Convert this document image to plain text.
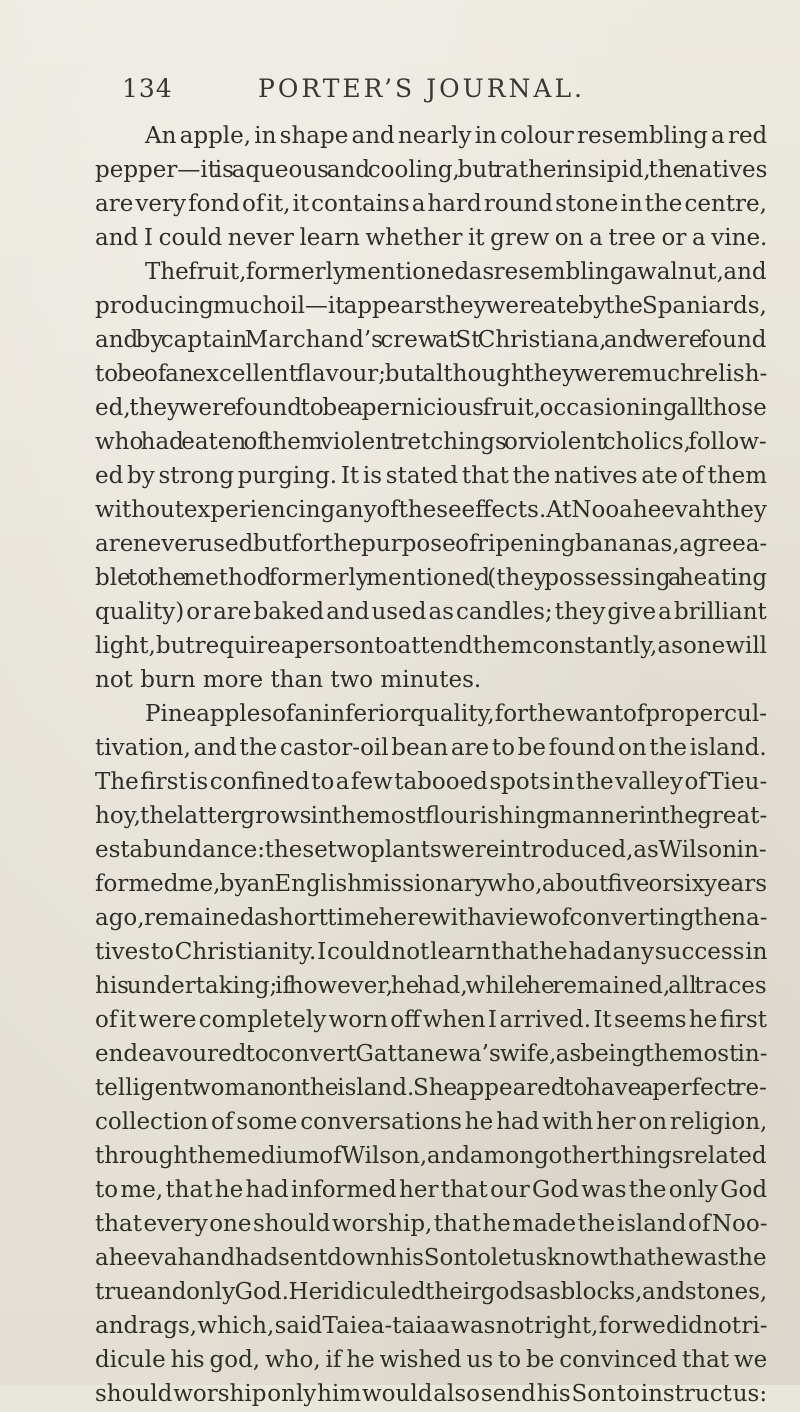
134	PORTER’S JOURNAL.
An apple, in shape and nearly in colour resembling a red
pepper—it is aqueous and cooling, but rather insipid, the natives
are very fond of it, it contains a hard round stone in the centre,
and I could never learn whether it grew on a tree or a vine.
The fruit, formerly mentioned as resembling a walnut, and
producing much oil—it appears they were ate by the Spaniards,
and by captain Marchand’s crew at St Christiana, and were found
to be of an excellent flavour; but although they were much relish-
ed, they were found to be a pernicious fruit, occasioning all those
who had eaten of them violent retchings or violent cholics, follow-
ed by strong purging. It is stated that the natives ate of them
without experiencing any of these effects. At Nooaheevah they
are never used but for the purpose of ripening bananas, agreea-
ble to the method formerly mentioned (they possessing a heating
quality) or are baked and used as candles; they give a brilliant
light, but require a person to attend them constantly, as one will
not burn more than two minutes.
Pine apples of an inferior quality, for the want of proper cul-
tivation, and the castor-oil bean are to be found on the island.
The first is confined to a few tabooed spots in the valley of Tieu-
hoy, the latter grows in the most flourishing manner in the great-
est abundance: these two plants were introduced, as Wilson in-
formed me, by an English missionary who, about five or six years
ago, remained a short time here with a view of converting the na-
tives to Christianity. I could not learn that he had any success in
his undertaking; if however, he had, while he remained, all traces
of it were completely worn off when I arrived. It seems he first
endeavoured to convert Gattanewa’s wife, as being the most in-
telligent woman on the island. She appeared to have a perfect re-
collection of some conversations he had with her on religion,
through the medium of Wilson, and among other things related
to me, that he had informed her that our God was the only God
that every one should worship, that he made the island of Noo-
aheevah and had sent down his Son to let us know that he was the
true and only God. He ridiculed their gods as blocks, and stones,
and rags, which, said Taiea-taiaa was not right, for we did not ri-
dicule his god, who, if he wished us to be convinced that we
should worship only him would also send his Son to instruct us:
